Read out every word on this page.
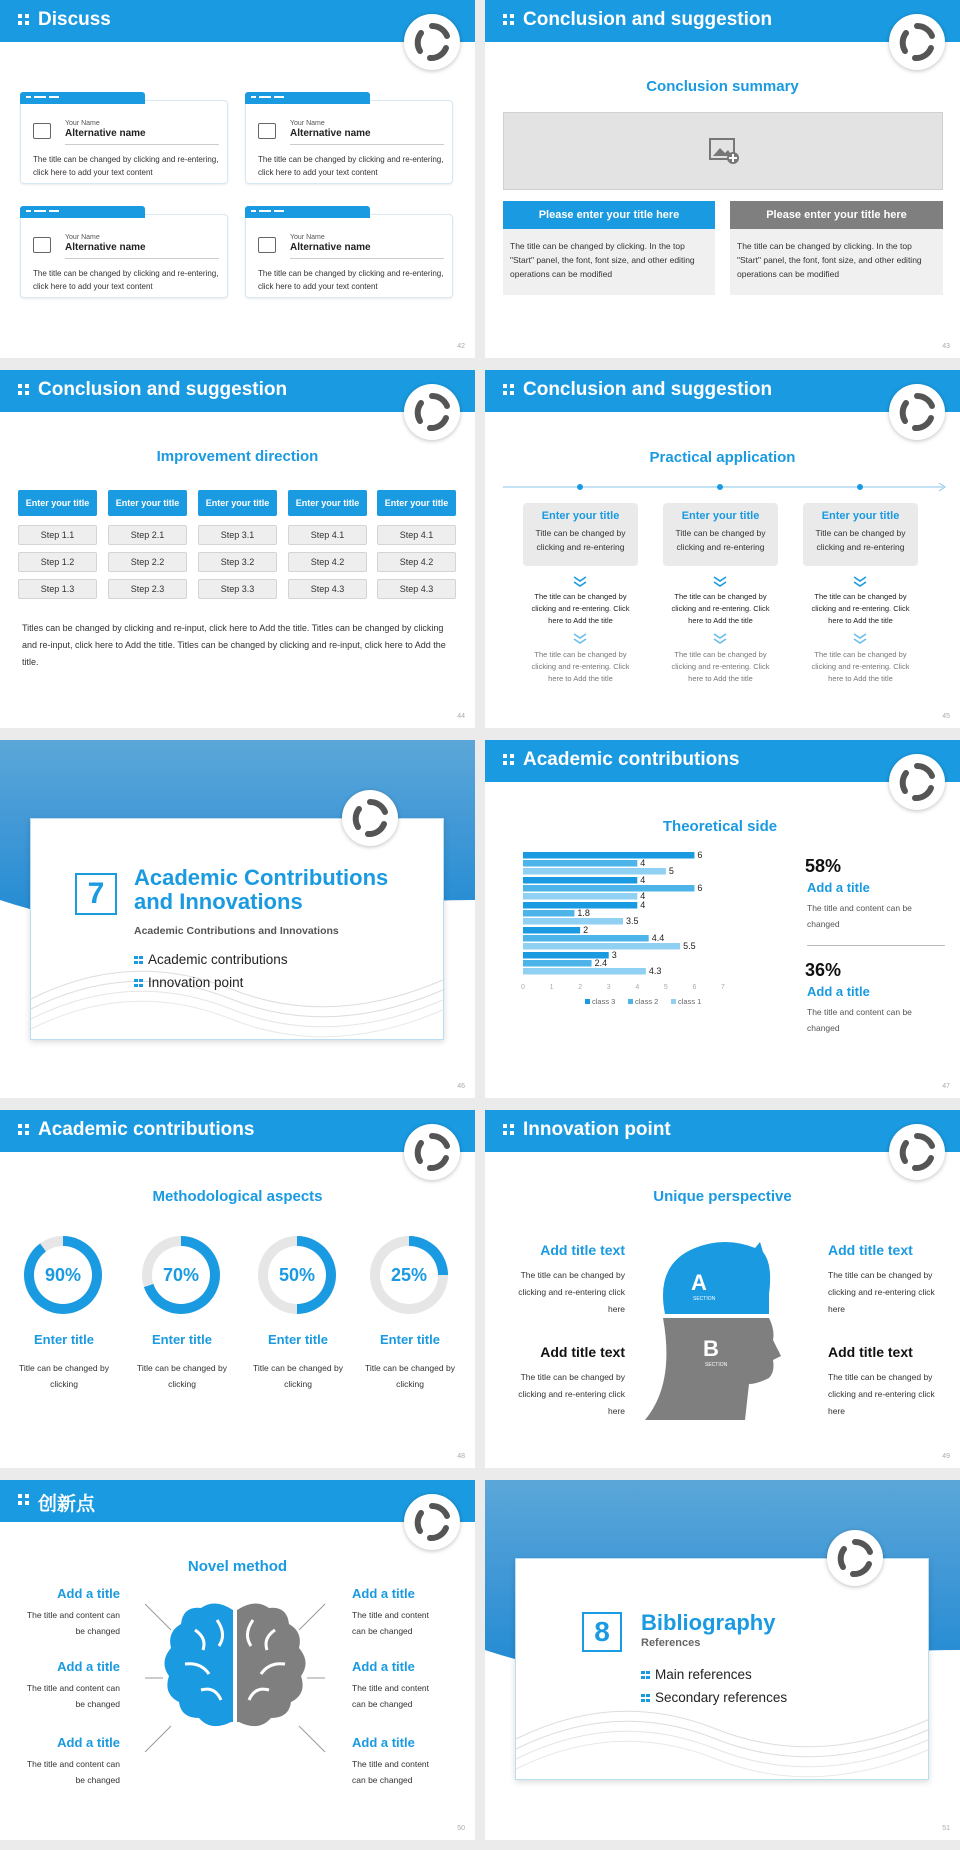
Discuss
Your Name
Alternative name
The title can be changed by clicking and re-entering, click here to add your text content
Your Name
Alternative name
The title can be changed by clicking and re-entering, click here to add your text content
Your Name
Alternative name
The title can be changed by clicking and re-entering, click here to add your text content
Your Name
Alternative name
The title can be changed by clicking and re-entering, click here to add your text content
42
Conclusion and suggestion
Conclusion summary
Please enter your title here
The title can be changed by clicking. In the top "Start" panel, the font, font size, and other editing operations can be modified
Please enter your title here
The title can be changed by clicking. In the top "Start" panel, the font, font size, and other editing operations can be modified
43
Conclusion and suggestion
Improvement direction
Enter your title
Step 1.1
Step 1.2
Step 1.3
Enter your title
Step 2.1
Step 2.2
Step 2.3
Enter your title
Step 3.1
Step 3.2
Step 3.3
Enter your title
Step 4.1
Step 4.2
Step 4.3
Enter your title
Step 4.1
Step 4.2
Step 4.3
Titles can be changed by clicking and re-input, click here to Add the title. Titles can be changed by clicking and re-input, click here to Add the title. Titles can be changed by clicking and re-input, click here to Add the title.
44
Conclusion and suggestion
Practical application
Enter your title
Title can be changed by clicking and re-entering
Enter your title
Title can be changed by clicking and re-entering
Enter your title
Title can be changed by clicking and re-entering
The title can be changed by clicking and re-entering. Click here to Add the title
The title can be changed by clicking and re-entering. Click here to Add the title
The title can be changed by clicking and re-entering. Click here to Add the title
The title can be changed by clicking and re-entering. Click here to Add the title
The title can be changed by clicking and re-entering. Click here to Add the title
The title can be changed by clicking and re-entering. Click here to Add the title
45
7	Academic Contributions
and Innovations
Academic Contributions and Innovations
Academic contributions
Innovation point
46
Academic contributions
Theoretical side
6
4
5
4
6
4
4
1.8
3.5
2
4.4
5.5
3
2.4
4.3
0	1	2	3	4	5	6	7
class 3	class 2	class 1
58%
Add a title
The title and content can be changed
36%
Add a title
The title and content can be changed
47
Academic contributions
Methodological aspects
90%	70%	50%	25%
Enter title	Enter title	Enter title	Enter title
Title can be changed by clicking
Title can be changed by clicking
Title can be changed by clicking
Title can be changed by clicking
48
Innovation point
Unique perspective
A
SECTION
B
SECTION
Add title text
The title can be changed by clicking and re-entering click here
Add title text
The title can be changed by clicking and re-entering click here
Add title text
The title can be changed by clicking and re-entering click here
Add title text
The title can be changed by clicking and re-entering click here
49
创新点
Novel method
Add a title
The title and content can be changed
Add a title
The title and content can be changed
Add a title
The title and content can be changed
Add a title
The title and content can be changed
Add a title
The title and content can be changed
Add a title
The title and content can be changed
50
8	Bibliography
References
Main references
Secondary references
51
